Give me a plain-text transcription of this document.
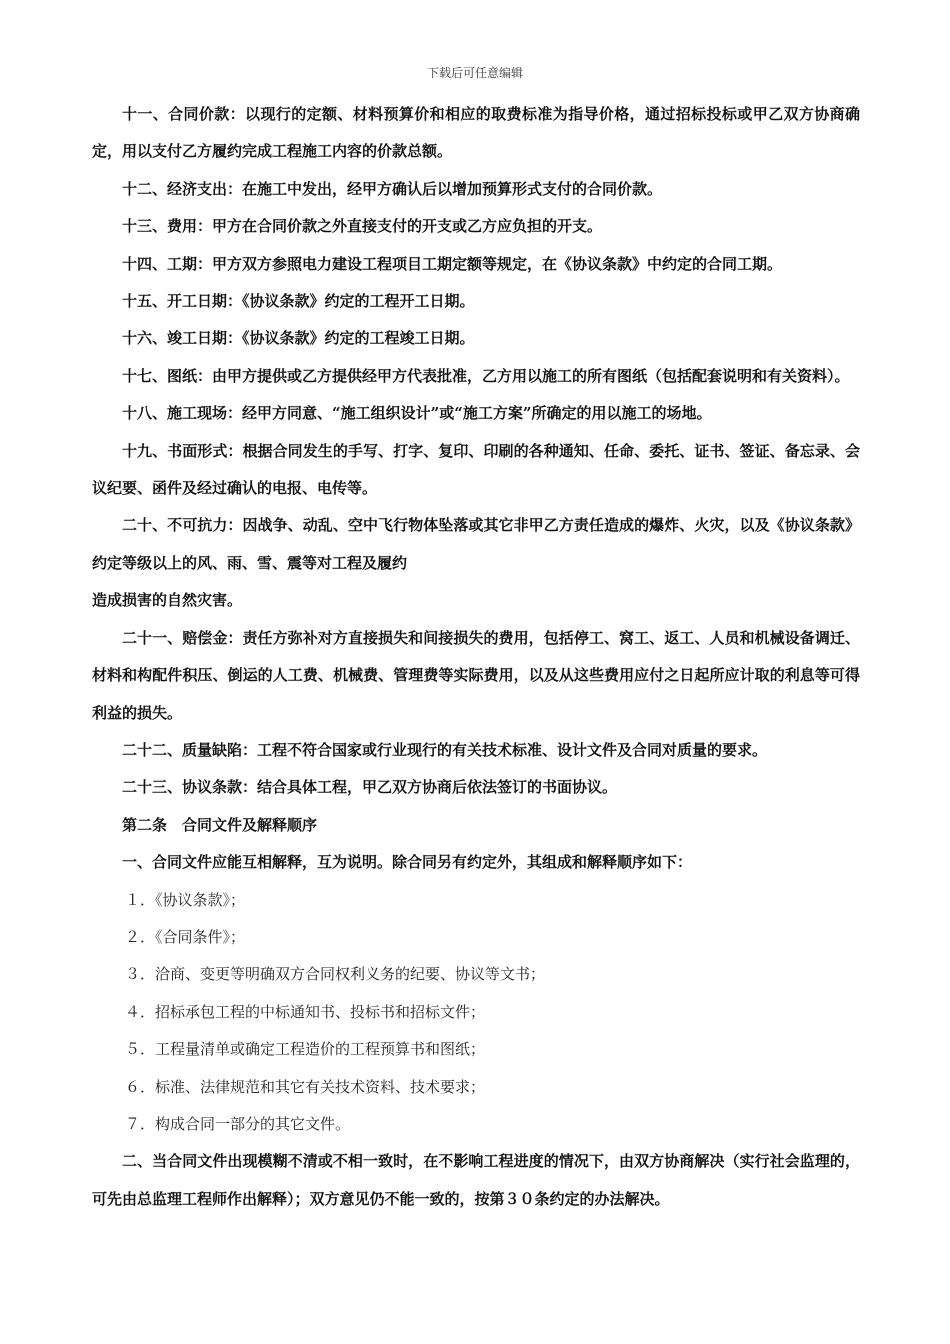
下载后可任意编辑

十一、合同价款：以现行的定额、材料预算价和相应的取费标准为指导价格，通过招标投标或甲乙双方协商确定，用以支付乙方履约完成工程施工内容的价款总额。

十二、经济支出：在施工中发出，经甲方确认后以增加预算形式支付的合同价款。

十三、费用：甲方在合同价款之外直接支付的开支或乙方应负担的开支。

十四、工期：甲方双方参照电力建设工程项目工期定额等规定，在《协议条款》中约定的合同工期。

十五、开工日期：《协议条款》约定的工程开工日期。

十六、竣工日期：《协议条款》约定的工程竣工日期。

十七、图纸：由甲方提供或乙方提供经甲方代表批准，乙方用以施工的所有图纸（包括配套说明和有关资料）。

十八、施工现场：经甲方同意、“施工组织设计”或“施工方案”所确定的用以施工的场地。

十九、书面形式：根据合同发生的手写、打字、复印、印刷的各种通知、任命、委托、证书、签证、备忘录、会议纪要、函件及经过确认的电报、电传等。

二十、不可抗力：因战争、动乱、空中飞行物体坠落或其它非甲乙方责任造成的爆炸、火灾，以及《协议条款》约定等级以上的风、雨、雪、震等对工程及履约

造成损害的自然灾害。

二十一、赔偿金：责任方弥补对方直接损失和间接损失的费用，包括停工、窝工、返工、人员和机械设备调迁、材料和构配件积压、倒运的人工费、机械费、管理费等实际费用，以及从这些费用应付之日起所应计取的利息等可得利益的损失。

二十二、质量缺陷：工程不符合国家或行业现行的有关技术标准、设计文件及合同对质量的要求。

二十三、协议条款：结合具体工程，甲乙双方协商后依法签订的书面协议。

第二条　合同文件及解释顺序

一、合同文件应能互相解释，互为说明。除合同另有约定外，其组成和解释顺序如下：

１．《协议条款》；

２．《合同条件》；

３．洽商、变更等明确双方合同权利义务的纪要、协议等文书；

４．招标承包工程的中标通知书、投标书和招标文件；

５．工程量清单或确定工程造价的工程预算书和图纸；

６．标准、法律规范和其它有关技术资料、技术要求；

７．构成合同一部分的其它文件。

二、当合同文件出现模糊不清或不相一致时，在不影响工程进度的情况下，由双方协商解决（实行社会监理的，可先由总监理工程师作出解释）；双方意见仍不能一致的，按第３０条约定的办法解决。
